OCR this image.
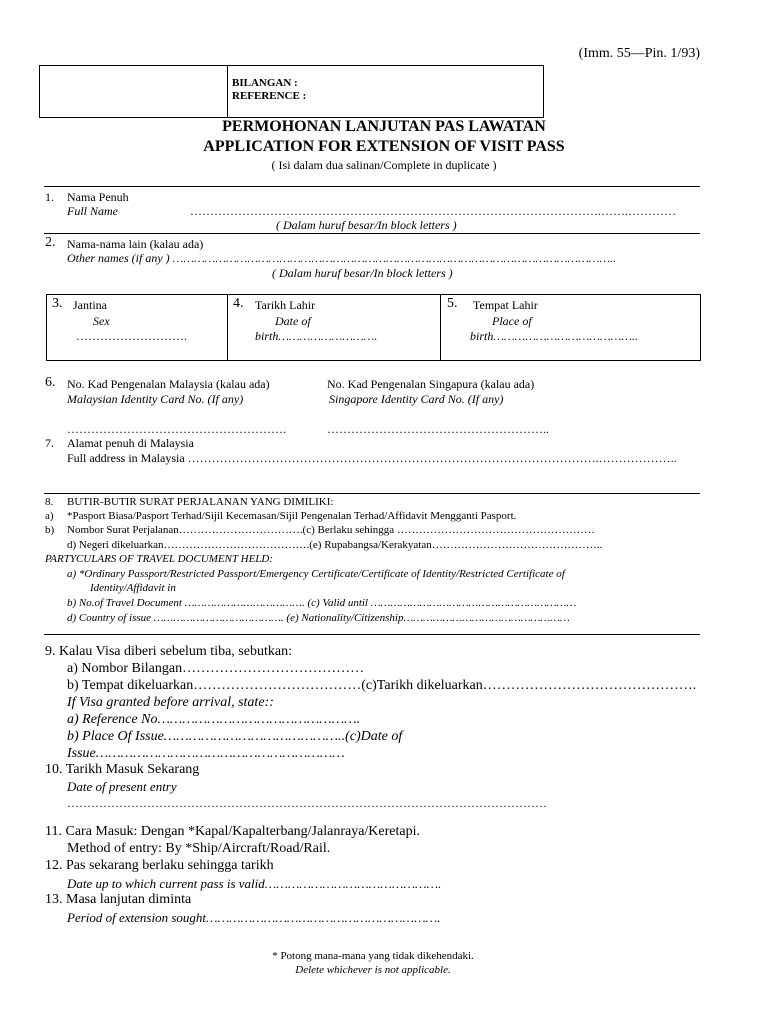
(Imm. 55—Pin. 1/93)
BILANGAN :
REFERENCE :
PERMOHONAN LANJUTAN PAS LAWATAN
APPLICATION FOR EXTENSION OF VISIT PASS
( Isi dalam dua salinan/Complete in duplicate )
1. Nama Penuh
Full Name	………………………………………………………………………………………….…….…………
( Dalam huruf besar/In block letters )
2. Nama-nama lain (kalau ada)
Other names (if any ) ……………………………………………………………………………………………………………..
( Dalam huruf besar/In block letters )
3. Jantina
Sex
……………………….
4. Tarikh Lahir
Date of
birth……………………….
5. Tempat Lahir
Place of
birth…………………………………..
6. No. Kad Pengenalan Malaysia (kalau ada)
Malaysian Identity Card No. (If any)
No. Kad Pengenalan Singapura (kalau ada)
Singapore Identity Card No. (If any)
……………………………………………….	………………………………………………..
7. Alamat penuh di Malaysia
Full address in Malaysia ………………………………………………………………………………………….………………..
8. BUTIR-BUTIR SURAT PERJALANAN YANG DIMILIKI:
a) *Pasport Biasa/Pasport Terhad/Sijil Kecemasan/Sijil Pengenalan Terhad/Affidavit Mengganti Pasport.
b) Nombor Surat Perjalanan…………………………….(c) Berlaku sehingga ………………………………………………
d) Negeri dikeluarkan………………………………….(e) Rupabangsa/Kerakyatan………………………………………..
PARTYCULARS OF TRAVEL DOCUMENT HELD:
a) *Ordinary Passport/Restricted Passport/Emergency Certificate/Certificate of Identity/Restricted Certificate of
Identity/Affidavit in
b) No.of Travel Document ………………………………. (c) Valid until ………………………………………………………
d) Country of issue …………………………………. (e) Nationality/Citizenship……………………………………………
9. Kalau Visa diberi sebelum tiba, sebutkan:
a) Nombor Bilangan…………………………………
b) Tempat dikeluarkan………………………………(c)Tarikh dikeluarkan……………………………………….
If Visa granted before arrival, state::
a) Reference No………………………………………….
b) Place Of Issue……………………………………..(c)Date of
Issue……………………………………………………
10. Tarikh Masuk Sekarang
Date of present entry
…………………………………………………………………………………………………………
11. Cara Masuk: Dengan *Kapal/Kapalterbang/Jalanraya/Keretapi.
Method of entry: By *Ship/Aircraft/Road/Rail.
12. Pas sekarang berlaku sehingga tarikh
Date up to which current pass is valid……………………………………….
13. Masa lanjutan diminta
Period of extension sought…………………………………………………….
* Potong mana-mana yang tidak dikehendaki.
Delete whichever is not applicable.
